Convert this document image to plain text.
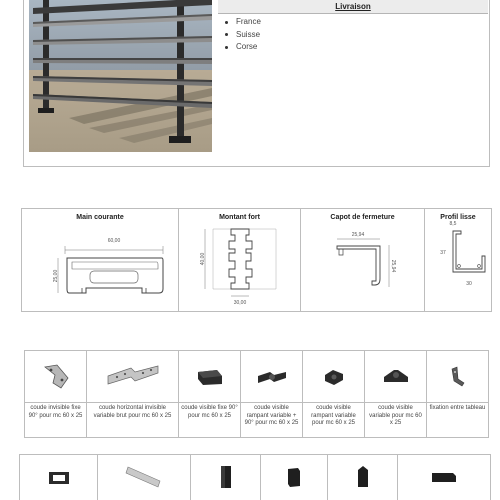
Livraison
France
Suisse
Corse
Main courante
60,00
25,00
Montant fort
40,00
30,00
Capot de fermeture
25,94
25,94
Profil lisse
8,5
37
30
coude invisible fixe 90° pour mc 60 x 25
coude horizontal invisible variable brut pour mc 60 x 25
coude visible fixe 90° pour mc 60 x 25
coude visible rampant variable + 90° pour mc 60 x 25
coude visible rampant variable pour mc 60 x 25
coude visible variable pour mc 60 x 25
fixation entre tableau
